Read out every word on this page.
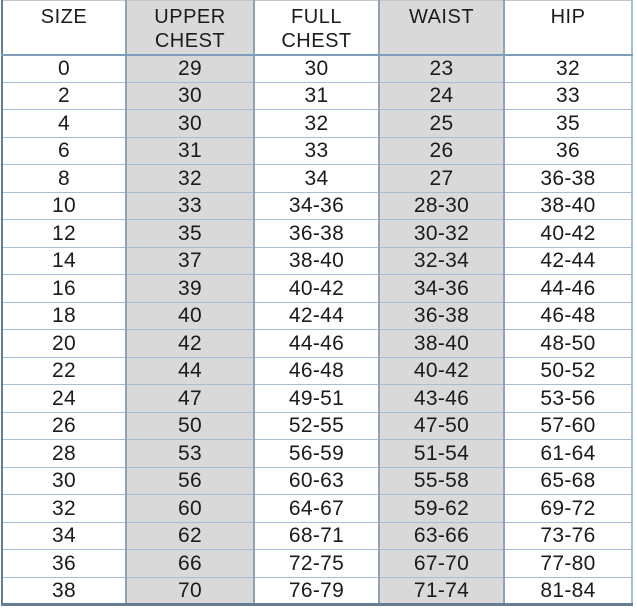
SIZE	UPPER CHEST	FULL CHEST	WAIST	HIP
0	29	30	23	32
2	30	31	24	33
4	30	32	25	35
6	31	33	26	36
8	32	34	27	36-38
10	33	34-36	28-30	38-40
12	35	36-38	30-32	40-42
14	37	38-40	32-34	42-44
16	39	40-42	34-36	44-46
18	40	42-44	36-38	46-48
20	42	44-46	38-40	48-50
22	44	46-48	40-42	50-52
24	47	49-51	43-46	53-56
26	50	52-55	47-50	57-60
28	53	56-59	51-54	61-64
30	56	60-63	55-58	65-68
32	60	64-67	59-62	69-72
34	62	68-71	63-66	73-76
36	66	72-75	67-70	77-80
38	70	76-79	71-74	81-84
